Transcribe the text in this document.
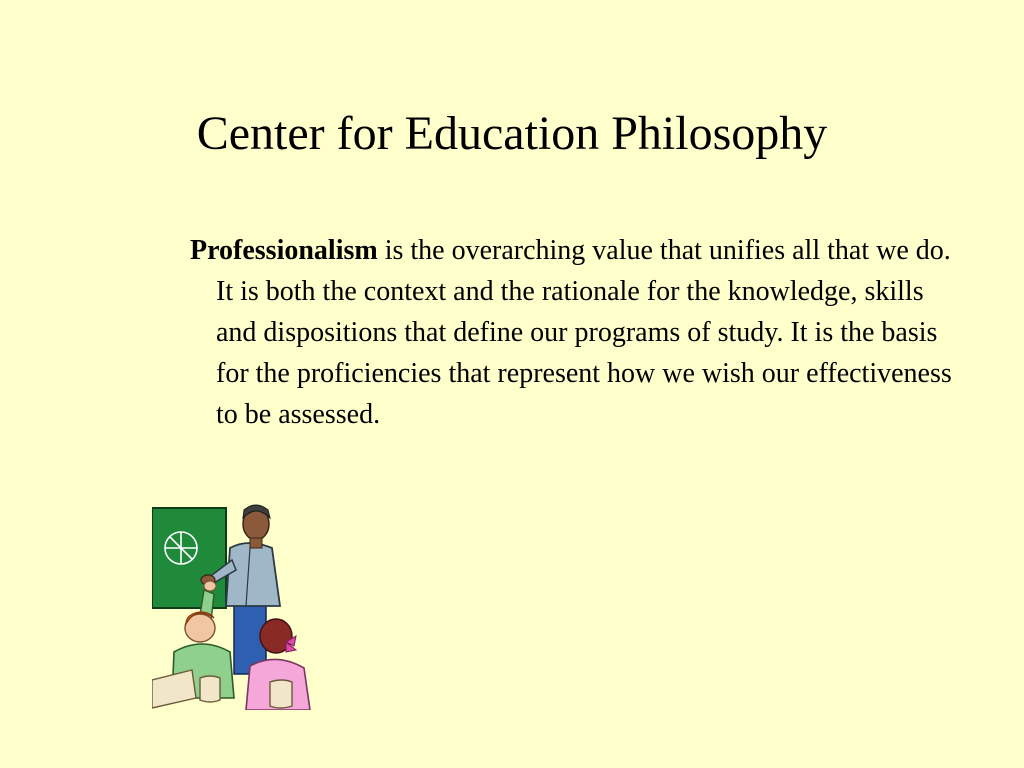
Center for Education Philosophy

Professionalism is the overarching value that unifies all that we do. It is both the context and the rationale for the knowledge, skills and dispositions that define our programs of study. It is the basis for the proficiencies that represent how we wish our effectiveness to be assessed.
